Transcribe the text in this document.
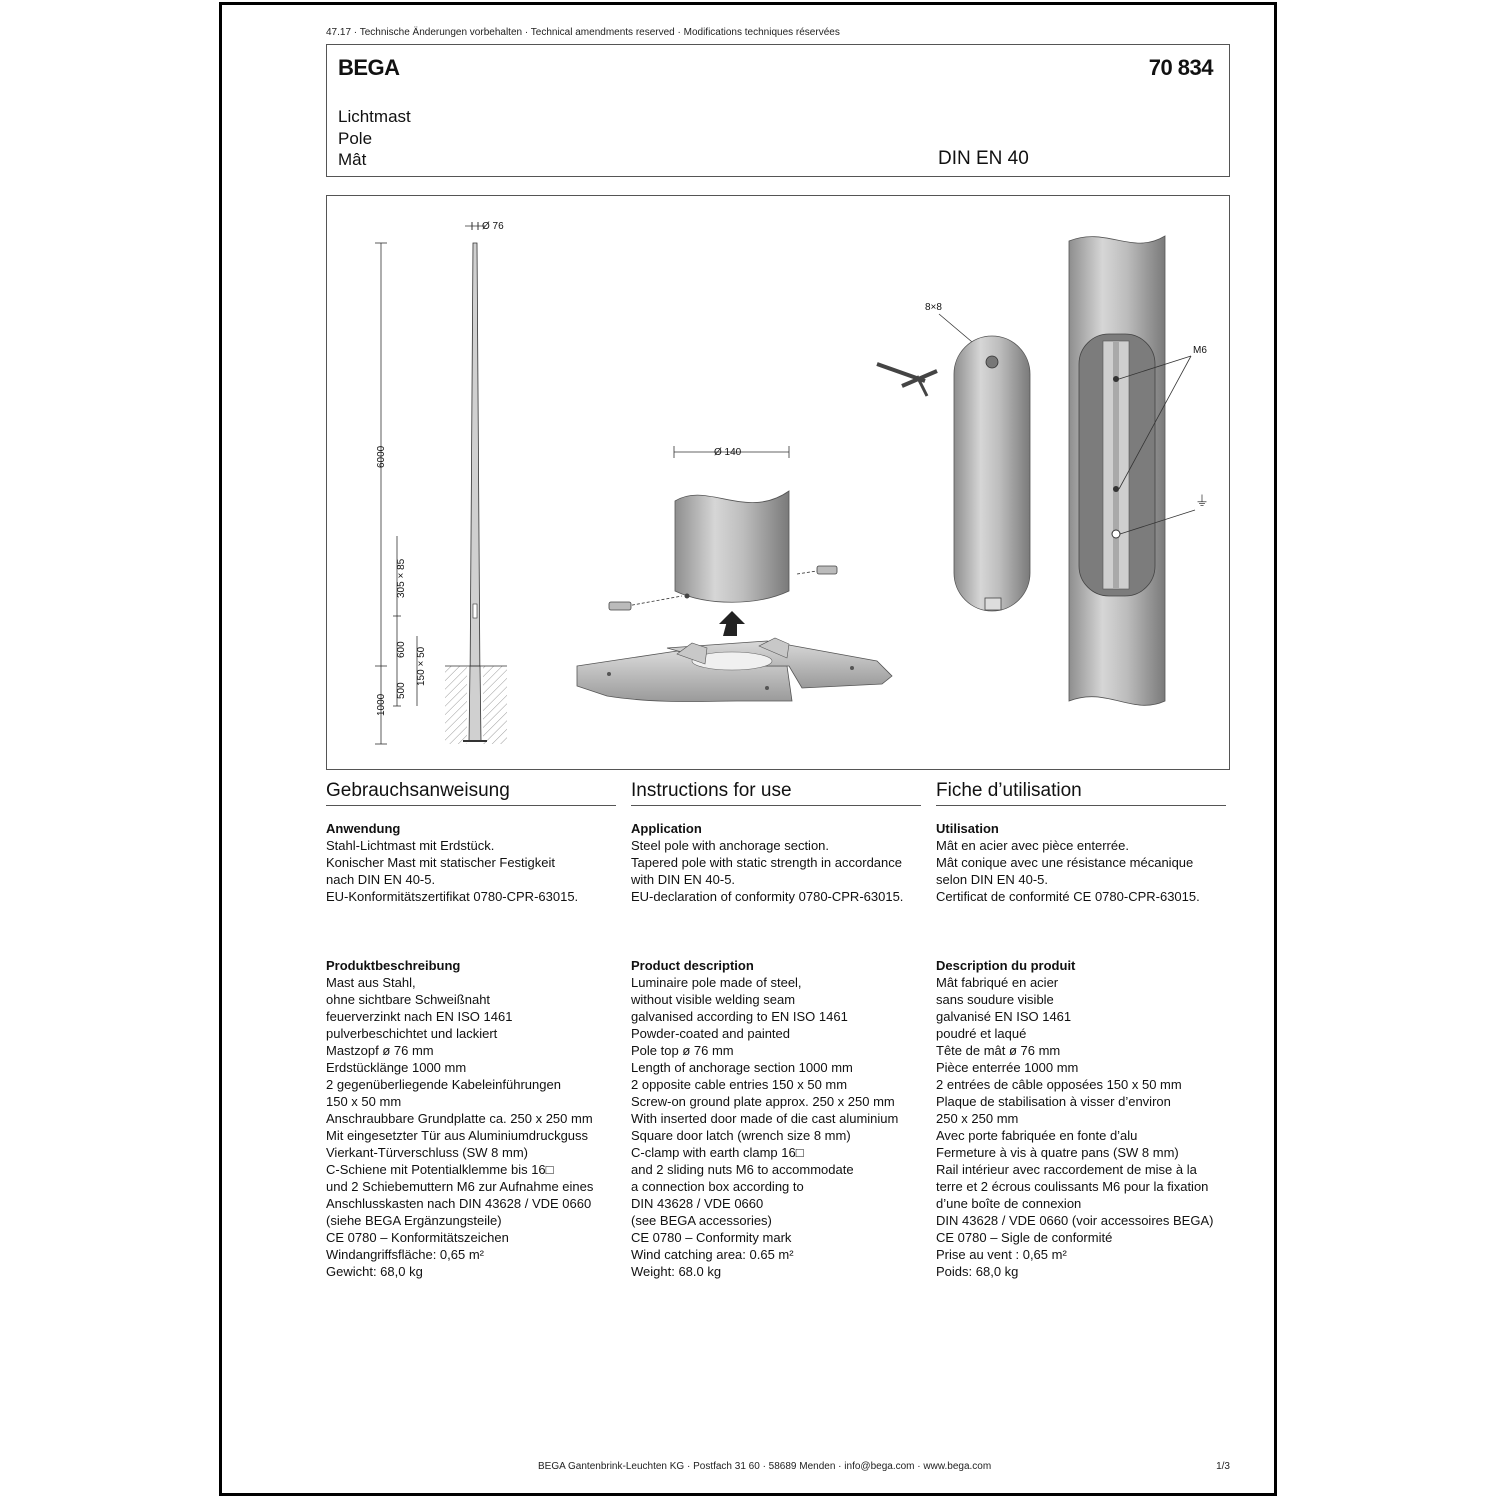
47.17 · Technische Änderungen vorbehalten · Technical amendments reserved · Modifications techniques réservées
BEGA	70 834
Lichtmast
Pole
Mât	DIN EN 40
Ø 76
6000
1000
305 × 85
600
500
150 × 50
Ø 140
8×8
M6
⏚
Gebrauchsanweisung
Anwendung
Stahl-Lichtmast mit Erdstück.
Konischer Mast mit statischer Festigkeit
nach DIN EN 40-5.
EU-Konformitätszertifikat 0780-CPR-63015.
Produktbeschreibung
Mast aus Stahl,
ohne sichtbare Schweißnaht
feuerverzinkt nach EN ISO 1461
pulverbeschichtet und lackiert
Mastzopf ø 76 mm
Erdstücklänge 1000 mm
2 gegenüberliegende Kabeleinführungen
150 x 50 mm
Anschraubbare Grundplatte ca. 250 x 250 mm
Mit eingesetzter Tür aus Aluminiumdruckguss
Vierkant-Türverschluss (SW 8 mm)
C-Schiene mit Potentialklemme bis 16□
und 2 Schiebemuttern M6 zur Aufnahme eines
Anschlusskasten nach DIN 43628 / VDE 0660
(siehe BEGA Ergänzungsteile)
CE 0780 – Konformitätszeichen
Windangriffsfläche: 0,65 m²
Gewicht: 68,0 kg
Instructions for use
Application
Steel pole with anchorage section.
Tapered pole with static strength in accordance
with DIN EN 40-5.
EU-declaration of conformity 0780-CPR-63015.
Product description
Luminaire pole made of steel,
without visible welding seam
galvanised according to EN ISO 1461
Powder-coated and painted
Pole top ø 76 mm
Length of anchorage section 1000 mm
2 opposite cable entries 150 x 50 mm
Screw-on ground plate approx. 250 x 250 mm
With inserted door made of die cast aluminium
Square door latch (wrench size 8 mm)
C-clamp with earth clamp 16□
and 2 sliding nuts M6 to accommodate
a connection box according to
DIN 43628 / VDE 0660
(see BEGA accessories)
CE 0780 – Conformity mark
Wind catching area: 0.65 m²
Weight: 68.0 kg
Fiche d’utilisation
Utilisation
Mât en acier avec pièce enterrée.
Mât conique avec une résistance mécanique
selon DIN EN 40-5.
Certificat de conformité CE 0780-CPR-63015.
Description du produit
Mât fabriqué en acier
sans soudure visible
galvanisé EN ISO 1461
poudré et laqué
Tête de mât ø 76 mm
Pièce enterrée 1000 mm
2 entrées de câble opposées 150 x 50 mm
Plaque de stabilisation à visser d’environ
250 x 250 mm
Avec porte fabriquée en fonte d’alu
Fermeture à vis à quatre pans (SW 8 mm)
Rail intérieur avec raccordement de mise à la
terre et 2 écrous coulissants M6 pour la fixation
d’une boîte de connexion
DIN 43628 / VDE 0660 (voir accessoires BEGA)
CE 0780 – Sigle de conformité
Prise au vent : 0,65 m²
Poids: 68,0 kg
BEGA Gantenbrink-Leuchten KG · Postfach 31 60 · 58689 Menden · info@bega.com · www.bega.com	1/3
